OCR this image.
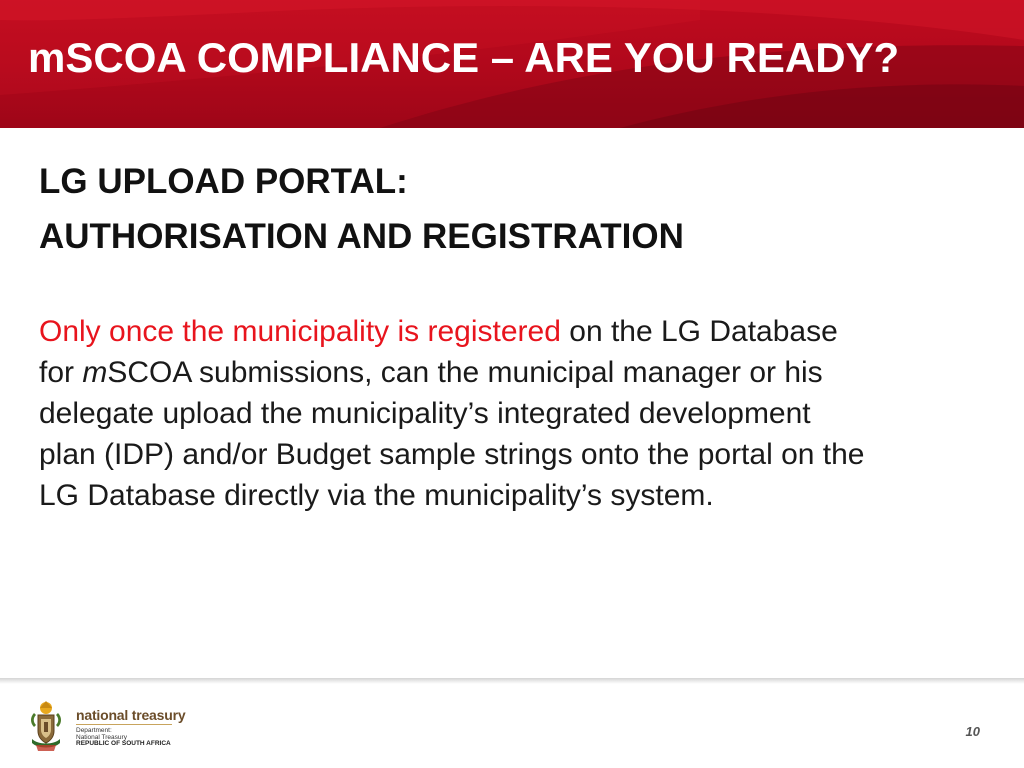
mSCOA COMPLIANCE – ARE YOU READY?
LG UPLOAD PORTAL:
AUTHORISATION AND REGISTRATION

Only once the municipality is registered on the LG Database
for mSCOA submissions, can the municipal manager or his
delegate upload the municipality’s integrated development
plan (IDP) and/or Budget sample strings onto the portal on the
LG Database directly via the municipality’s system.

national treasury

Department:

National Treasury

REPUBLIC OF SOUTH AFRICA

10
